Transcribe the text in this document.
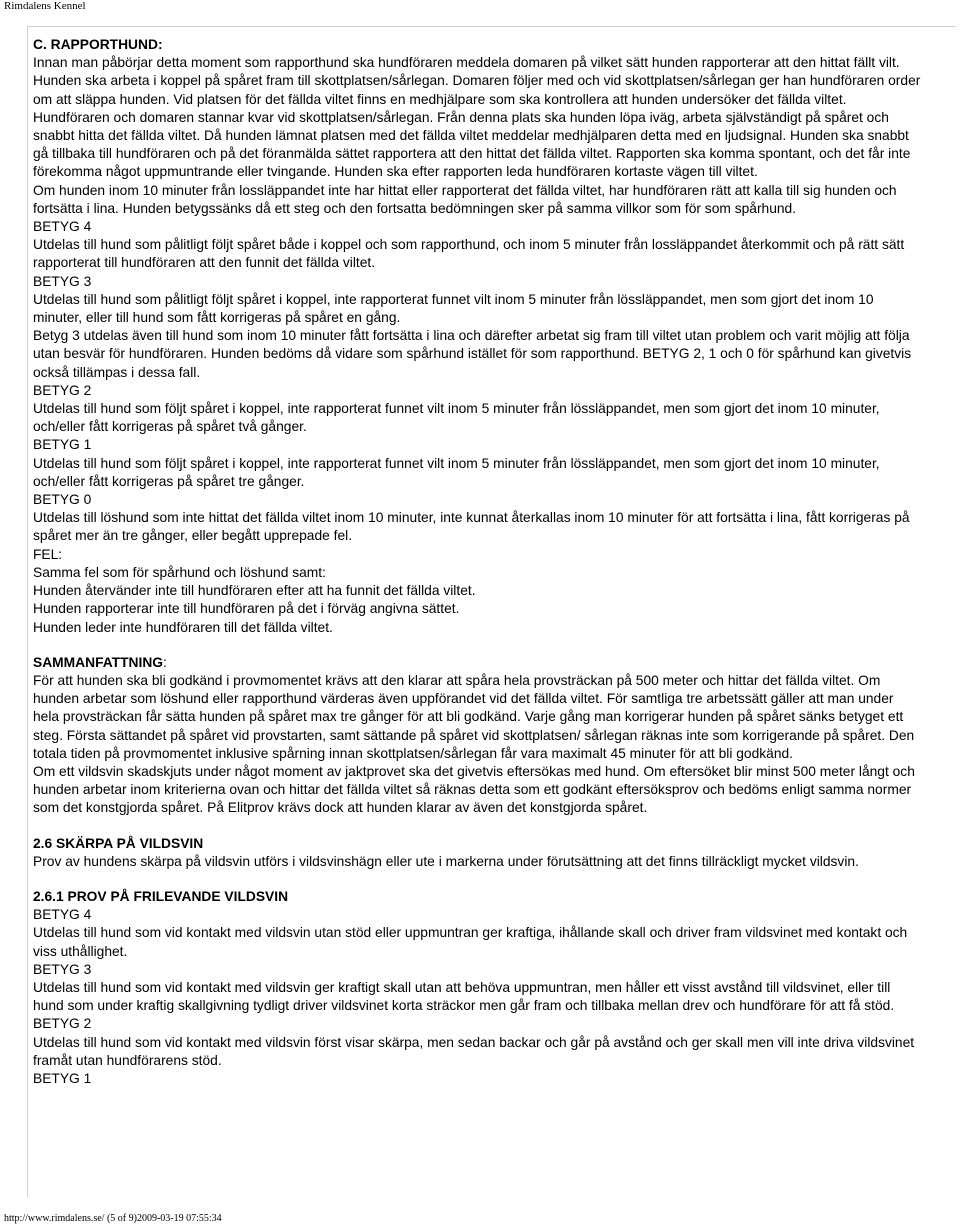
Rimdalens Kennel

C. RAPPORTHUND:

Innan man påbörjar detta moment som rapporthund ska hundföraren meddela domaren på vilket sätt hunden rapporterar att den hittat fällt vilt.

Hunden ska arbeta i koppel på spåret fram till skottplatsen/sårlegan. Domaren följer med och vid skottplatsen/sårlegan ger han hundföraren order om att släppa hunden. Vid platsen för det fällda viltet finns en medhjälpare som ska kontrollera att hunden undersöker det fällda viltet. Hundföraren och domaren stannar kvar vid skottplatsen/sårlegan. Från denna plats ska hunden löpa iväg, arbeta självständigt på spåret och snabbt hitta det fällda viltet. Då hunden lämnat platsen med det fällda viltet meddelar medhjälparen detta med en ljudsignal. Hunden ska snabbt gå tillbaka till hundföraren och på det föranmälda sättet rapportera att den hittat det fällda viltet. Rapporten ska komma spontant, och det får inte förekomma något uppmuntrande eller tvingande. Hunden ska efter rapporten leda hundföraren kortaste vägen till viltet.

Om hunden inom 10 minuter från lossläppandet inte har hittat eller rapporterat det fällda viltet, har hundföraren rätt att kalla till sig hunden och fortsätta i lina. Hunden betygssänks då ett steg och den fortsatta bedömningen sker på samma villkor som för som spårhund.

BETYG 4

Utdelas till hund som pålitligt följt spåret både i koppel och som rapporthund, och inom 5 minuter från lossläppandet återkommit och på rätt sätt rapporterat till hundföraren att den funnit det fällda viltet.

BETYG 3

Utdelas till hund som pålitligt följt spåret i koppel, inte rapporterat funnet vilt inom 5 minuter från lössläppandet, men som gjort det inom 10 minuter, eller till hund som fått korrigeras på spåret en gång.

Betyg 3 utdelas även till hund som inom 10 minuter fått fortsätta i lina och därefter arbetat sig fram till viltet utan problem och varit möjlig att följa utan besvär för hundföraren. Hunden bedöms då vidare som spårhund istället för som rapporthund. BETYG 2, 1 och 0 för spårhund kan givetvis också tillämpas i dessa fall.

BETYG 2

Utdelas till hund som följt spåret i koppel, inte rapporterat funnet vilt inom 5 minuter från lössläppandet, men som gjort det inom 10 minuter, och/eller fått korrigeras på spåret två gånger.

BETYG 1

Utdelas till hund som följt spåret i koppel, inte rapporterat funnet vilt inom 5 minuter från lössläppandet, men som gjort det inom 10 minuter, och/eller fått korrigeras på spåret tre gånger.

BETYG 0

Utdelas till löshund som inte hittat det fällda viltet inom 10 minuter, inte kunnat återkallas inom 10 minuter för att fortsätta i lina, fått korrigeras på spåret mer än tre gånger, eller begått upprepade fel.

FEL:

Samma fel som för spårhund och löshund samt:

Hunden återvänder inte till hundföraren efter att ha funnit det fällda viltet.

Hunden rapporterar inte till hundföraren på det i förväg angivna sättet.

Hunden leder inte hundföraren till det fällda viltet.

SAMMANFATTNING:

För att hunden ska bli godkänd i provmomentet krävs att den klarar att spåra hela provsträckan på 500 meter och hittar det fällda viltet. Om hunden arbetar som löshund eller rapporthund värderas även uppförandet vid det fällda viltet. För samtliga tre arbetssätt gäller att man under hela provsträckan får sätta hunden på spåret max tre gånger för att bli godkänd. Varje gång man korrigerar hunden på spåret sänks betyget ett steg. Första sättandet på spåret vid provstarten, samt sättande på spåret vid skottplatsen/ sårlegan räknas inte som korrigerande på spåret. Den totala tiden på provmomentet inklusive spårning innan skottplatsen/sårlegan får vara maximalt 45 minuter för att bli godkänd.

Om ett vildsvin skadskjuts under något moment av jaktprovet ska det givetvis eftersökas med hund. Om eftersöket blir minst 500 meter långt och hunden arbetar inom kriterierna ovan och hittar det fällda viltet så räknas detta som ett godkänt eftersöksprov och bedöms enligt samma normer som det konstgjorda spåret. På Elitprov krävs dock att hunden klarar av även det konstgjorda spåret.

2.6 SKÄRPA PÅ VILDSVIN

Prov av hundens skärpa på vildsvin utförs i vildsvinshägn eller ute i markerna under förutsättning att det finns tillräckligt mycket vildsvin.

2.6.1 PROV PÅ FRILEVANDE VILDSVIN

BETYG 4

Utdelas till hund som vid kontakt med vildsvin utan stöd eller uppmuntran ger kraftiga, ihållande skall och driver fram vildsvinet med kontakt och viss uthållighet.

BETYG 3

Utdelas till hund som vid kontakt med vildsvin ger kraftigt skall utan att behöva uppmuntran, men håller ett visst avstånd till vildsvinet, eller till hund som under kraftig skallgivning tydligt driver vildsvinet korta sträckor men går fram och tillbaka mellan drev och hundförare för att få stöd.

BETYG 2

Utdelas till hund som vid kontakt med vildsvin först visar skärpa, men sedan backar och går på avstånd och ger skall men vill inte driva vildsvinet framåt utan hundförarens stöd.

BETYG 1

http://www.rimdalens.se/ (5 of 9)2009-03-19 07:55:34
